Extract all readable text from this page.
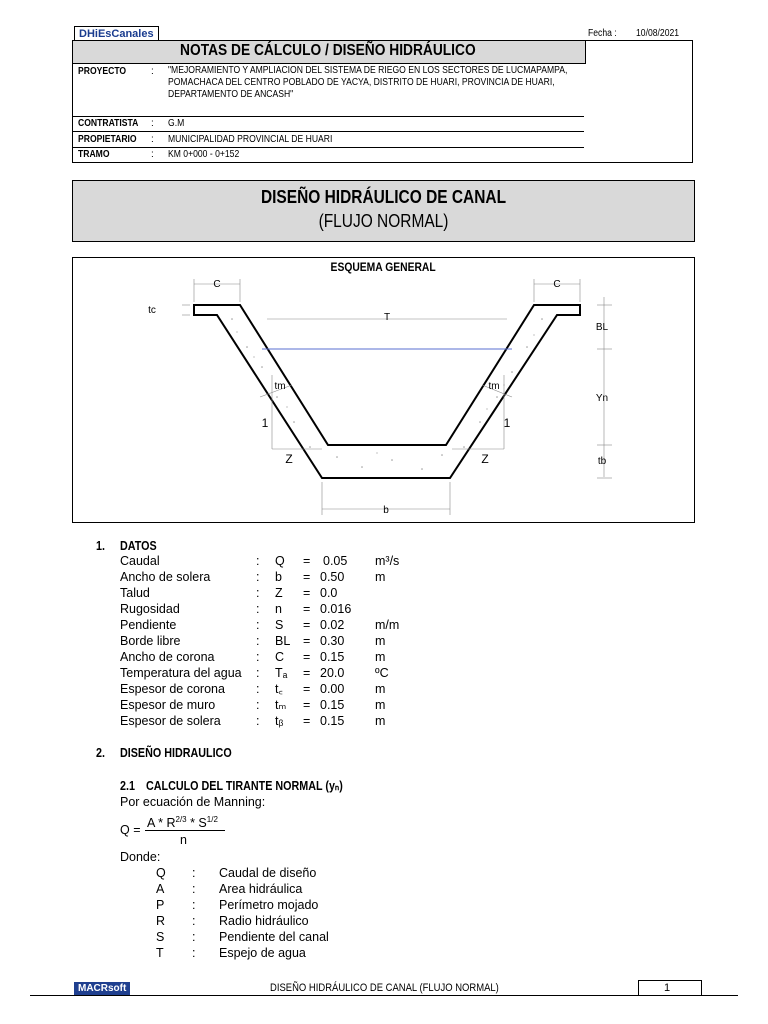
DHiEsCanales	Fecha :	10/08/2021
NOTAS DE CÁLCULO / DISEÑO HIDRÁULICO
PROYECTO	: "MEJORAMIENTO Y AMPLIACION DEL SISTEMA DE RIEGO EN LOS SECTORES DE LUCMAPAMPA, POMACHACA DEL CENTRO POBLADO DE YACYA, DISTRITO DE HUARI, PROVINCIA DE HUARI, DEPARTAMENTO DE ANCASH"
CONTRATISTA	: G.M
PROPIETARIO	: MUNICIPALIDAD PROVINCIAL DE HUARI
TRAMO	: KM 0+000 - 0+152
DISEÑO HIDRÁULICO DE CANAL
(FLUJO NORMAL)
ESQUEMA GENERAL
C	C
tc
T
BL
Yn
tb
tm	tm
b
1	1
Z	Z
1. DATOS
Caudal	: Q = 0.05 m³/s
Ancho de solera	: b = 0.50 m
Talud	: Z = 0.0
Rugosidad	: n = 0.016
Pendiente	: S = 0.02 m/m
Borde libre	: BL = 0.30 m
Ancho de corona	: C = 0.15 m
Temperatura del agua : Tₐ = 20.0 ºC
Espesor de corona : t꜀ = 0.00 m
Espesor de muro	: tₘ = 0.15 m
Espesor de solera	: tᵦ = 0.15 m
2. DISEÑO HIDRAULICO
2.1 CALCULO DEL TIRANTE NORMAL (yₙ)
Por ecuación de Manning:
$Q = A * R^{2/3} * S^{1/2}$
n
Donde:
Q : Caudal de diseño
A : Area hidráulica
P : Perímetro mojado
R : Radio hidráulico
S : Pendiente del canal
T : Espejo de agua
MACRsoft	DISEÑO HIDRÁULICO DE CANAL (FLUJO NORMAL)	1
